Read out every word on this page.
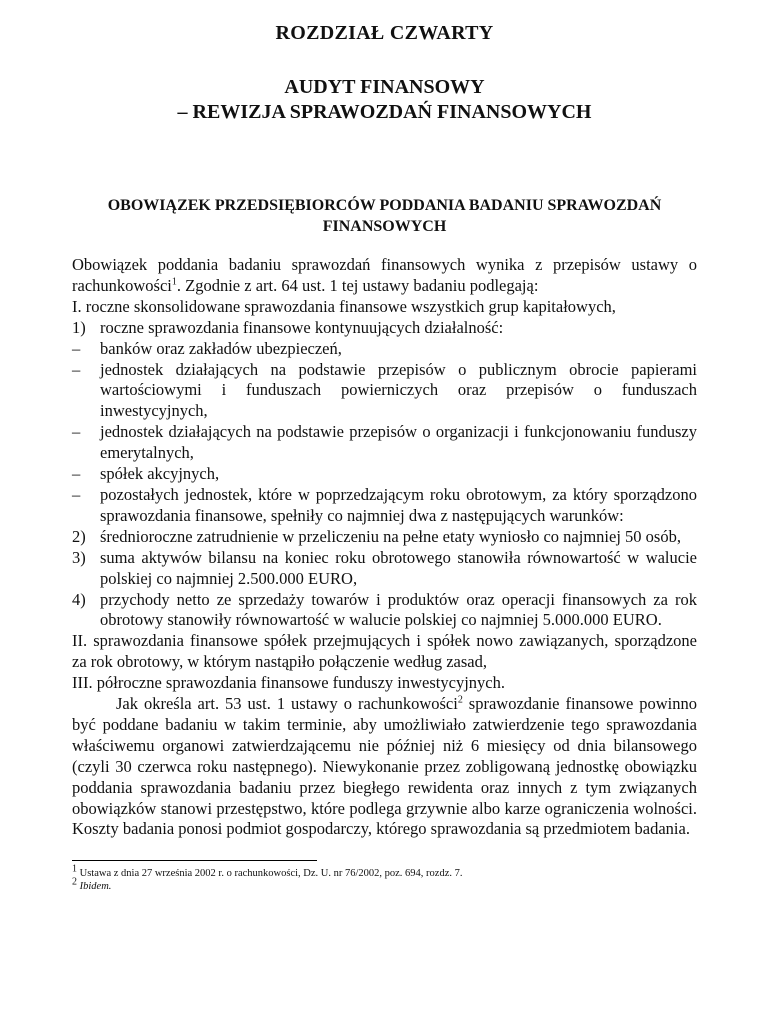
ROZDZIAŁ CZWARTY
AUDYT FINANSOWY
– REWIZJA SPRAWOZDAŃ FINANSOWYCH
OBOWIĄZEK PRZEDSIĘBIORCÓW PODDANIA BADANIU SPRAWOZDAŃ FINANSOWYCH

Obowiązek poddania badaniu sprawozdań finansowych wynika z przepisów ustawy o rachunkowości$^1$. Zgodnie z art. 64 ust. 1 tej ustawy badaniu podlegają:

I. roczne skonsolidowane sprawozdania finansowe wszystkich grup kapitałowych,

1) roczne sprawozdania finansowe kontynuujących działalność:
–	banków oraz zakładów ubezpieczeń,
–	jednostek działających na podstawie przepisów o publicznym obrocie papierami wartościowymi i funduszach powierniczych oraz przepisów o funduszach inwestycyjnych,
–	jednostek działających na podstawie przepisów o organizacji i funkcjonowaniu funduszy emerytalnych,
–	spółek akcyjnych,
–	pozostałych jednostek, które w poprzedzającym roku obrotowym, za który sporządzono sprawozdania finansowe, spełniły co najmniej dwa z następujących warunków:
2) średnioroczne zatrudnienie w przeliczeniu na pełne etaty wyniosło co najmniej 50 osób,
3) suma aktywów bilansu na koniec roku obrotowego stanowiła równowartość w walucie polskiej co najmniej 2.500.000 EURO,
4) przychody netto ze sprzedaży towarów i produktów oraz operacji finansowych za rok obrotowy stanowiły równowartość w walucie polskiej co najmniej 5.000.000 EURO.

II. sprawozdania finansowe spółek przejmujących i spółek nowo zawiązanych, sporządzone za rok obrotowy, w którym nastąpiło połączenie według zasad,

III. półroczne sprawozdania finansowe funduszy inwestycyjnych.

Jak określa art. 53 ust. 1 ustawy o rachunkowości$^2$ sprawozdanie finansowe powinno być poddane badaniu w takim terminie, aby umożliwiało zatwierdzenie tego sprawozdania właściwemu organowi zatwierdzającemu nie później niż 6 miesięcy od dnia bilansowego (czyli 30 czerwca roku następnego). Niewykonanie przez zobligowaną jednostkę obowiązku poddania sprawozdania badaniu przez biegłego rewidenta oraz innych z tym związanych obowiązków stanowi przestępstwo, które podlega grzywnie albo karze ograniczenia wolności. Koszty badania ponosi podmiot gospodarczy, którego sprawozdania są przedmiotem badania.

$^1$ Ustawa z dnia 27 września 2002 r. o rachunkowości, Dz. U. nr 76/2002, poz. 694, rozdz. 7.

$^2$ Ibidem.
